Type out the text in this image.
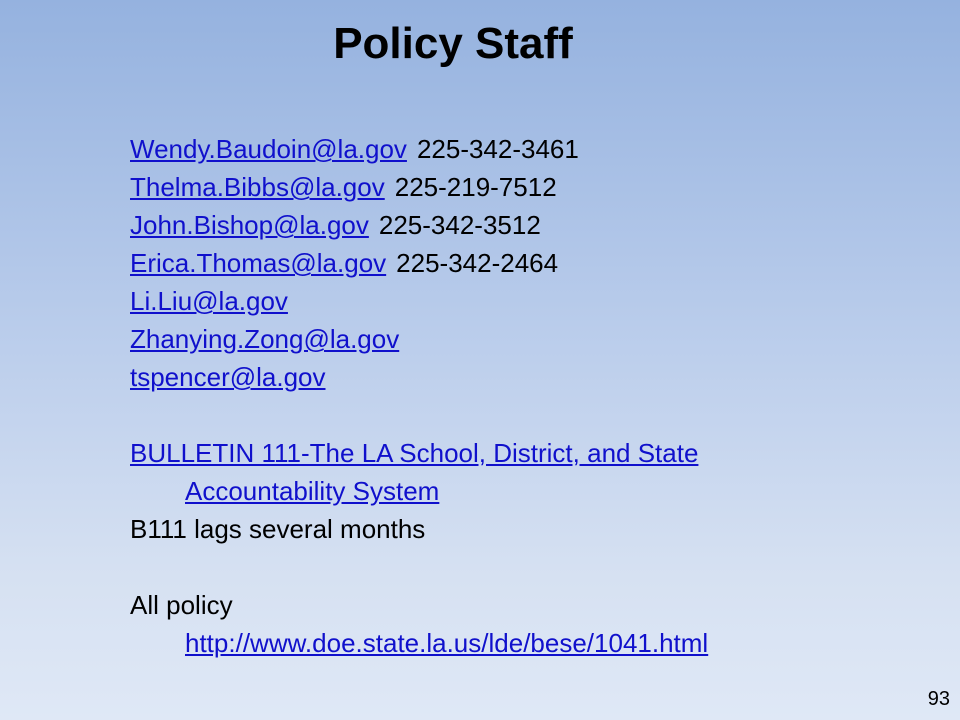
Policy Staff
Wendy.Baudoin@la.gov 225-342-3461
Thelma.Bibbs@la.gov 225-219-7512
John.Bishop@la.gov 225-342-3512
Erica.Thomas@la.gov 225-342-2464
Li.Liu@la.gov
Zhanying.Zong@la.gov
tspencer@la.gov
BULLETIN 111-The LA School, District, and State
Accountability System
B111 lags several months
All policy
http://www.doe.state.la.us/lde/bese/1041.html
93
